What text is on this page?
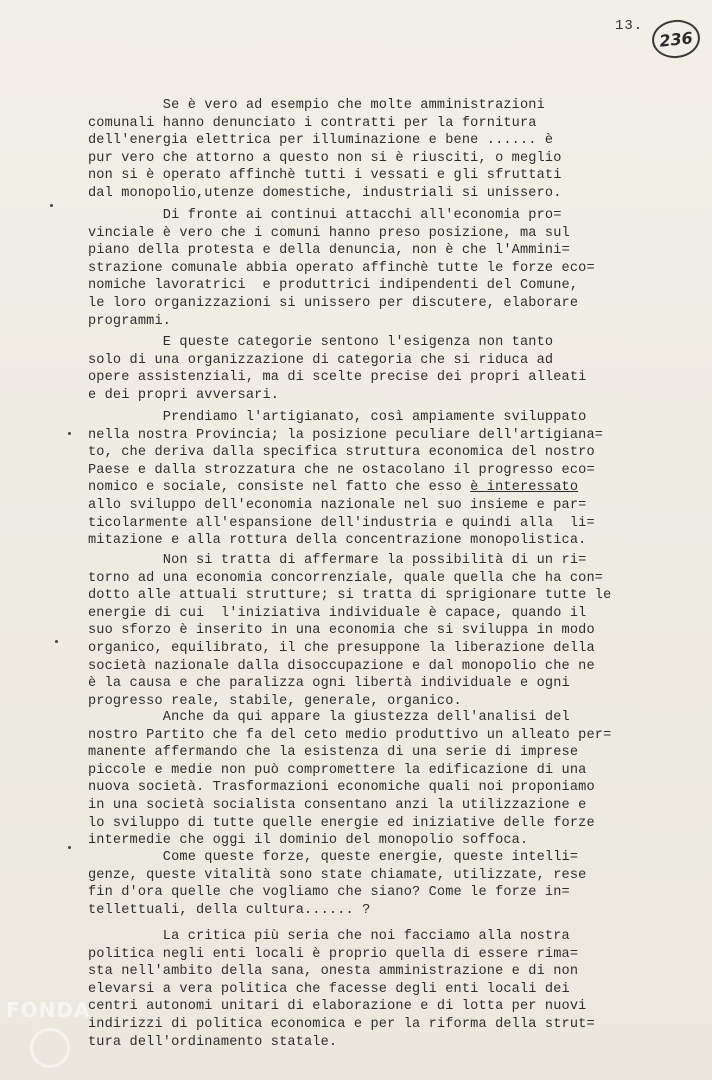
13.
236
Se è vero ad esempio che molte amministrazioni
comunali hanno denunciato i contratti per la fornitura
dell'energia elettrica per illuminazione e bene ...... è
pur vero che attorno a questo non si è riusciti, o meglio
non si è operato affinchè tutti i vessati e gli sfruttati
dal monopolio,utenze domestiche, industriali si unissero.
Di fronte ai continui attacchi all'economia pro=
vinciale è vero che i comuni hanno preso posizione, ma sul
piano della protesta e della denuncia, non è che l'Ammini=
strazione comunale abbia operato affinchè tutte le forze eco=
nomiche lavoratrici  e produttrici indipendenti del Comune,
le loro organizzazioni si unissero per discutere, elaborare
programmi.
E queste categorie sentono l'esigenza non tanto
solo di una organizzazione di categoria che si riduca ad
opere assistenziali, ma di scelte precise dei propri alleati
e dei propri avversari.
Prendiamo l'artigianato, così ampiamente sviluppato
nella nostra Provincia; la posizione peculiare dell'artigiana=
to, che deriva dalla specifica struttura economica del nostro
Paese e dalla strozzatura che ne ostacolano il progresso eco=
nomico e sociale, consiste nel fatto che esso è interessato
allo sviluppo dell'economia nazionale nel suo insieme e par=
ticolarmente all'espansione dell'industria e quindi alla  li=
mitazione e alla rottura della concentrazione monopolistica.
Non si tratta di affermare la possibilità di un ri=
torno ad una economia concorrenziale, quale quella che ha con=
dotto alle attuali strutture; si tratta di sprigionare tutte le
energie di cui  l'iniziativa individuale è capace, quando il
suo sforzo è inserito in una economia che si sviluppa in modo
organico, equilibrato, il che presuppone la liberazione della
società nazionale dalla disoccupazione e dal monopolio che ne
è la causa e che paralizza ogni libertà individuale e ogni
progresso reale, stabile, generale, organico.
Anche da qui appare la giustezza dell'analisi del
nostro Partito che fa del ceto medio produttivo un alleato per=
manente affermando che la esistenza di una serie di imprese
piccole e medie non può compromettere la edificazione di una
nuova società. Trasformazioni economiche quali noi proponiamo
in una società socialista consentano anzi la utilizzazione e
lo sviluppo di tutte quelle energie ed iniziative delle forze
intermedie che oggi il dominio del monopolio soffoca.
Come queste forze, queste energie, queste intelli=
genze, queste vitalità sono state chiamate, utilizzate, rese
fin d'ora quelle che vogliamo che siano? Come le forze in=
tellettuali, della cultura...... ?
La critica più seria che noi facciamo alla nostra
politica negli enti locali è proprio quella di essere rima=
sta nell'ambito della sana, onesta amministrazione e di non
elevarsi a vera politica che facesse degli enti locali dei
centri autonomi unitari di elaborazione e di lotta per nuovi
indirizzi di politica economica e per la riforma della strut=
tura dell'ordinamento statale.
FONDA
